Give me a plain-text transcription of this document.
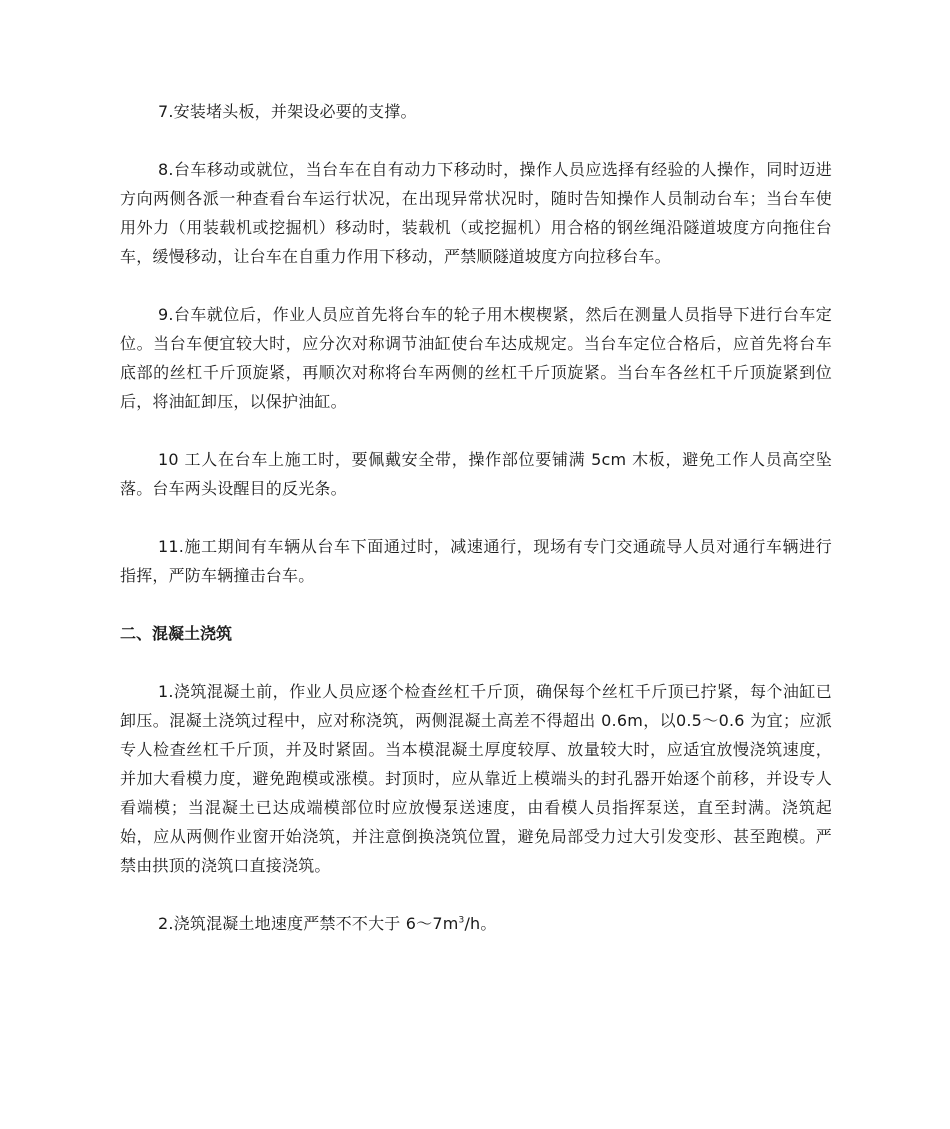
7.安装堵头板，并架设必要的支撑。

8.台车移动或就位，当台车在自有动力下移动时，操作人员应选择有经验的人操作，同时迈进方向两侧各派一种查看台车运行状况，在出现异常状况时，随时告知操作人员制动台车；当台车使用外力（用装载机或挖掘机）移动时，装载机（或挖掘机）用合格的钢丝绳沿隧道坡度方向拖住台车，缓慢移动，让台车在自重力作用下移动，严禁顺隧道坡度方向拉移台车。

9.台车就位后，作业人员应首先将台车的轮子用木楔楔紧，然后在测量人员指导下进行台车定位。当台车便宜较大时，应分次对称调节油缸使台车达成规定。当台车定位合格后，应首先将台车底部的丝杠千斤顶旋紧，再顺次对称将台车两侧的丝杠千斤顶旋紧。当台车各丝杠千斤顶旋紧到位后，将油缸卸压，以保护油缸。

10 工人在台车上施工时，要佩戴安全带，操作部位要铺满 5cm 木板，避免工作人员高空坠落。台车两头设醒目的反光条。

11.施工期间有车辆从台车下面通过时，减速通行，现场有专门交通疏导人员对通行车辆进行指挥，严防车辆撞击台车。

二、混凝土浇筑

1.浇筑混凝土前，作业人员应逐个检查丝杠千斤顶，确保每个丝杠千斤顶已拧紧，每个油缸已卸压。混凝土浇筑过程中，应对称浇筑，两侧混凝土高差不得超出 0.6m，以0.5～0.6 为宜；应派专人检查丝杠千斤顶，并及时紧固。当本模混凝土厚度较厚、放量较大时，应适宜放慢浇筑速度，并加大看模力度，避免跑模或涨模。封顶时，应从靠近上模端头的封孔器开始逐个前移，并设专人看端模；当混凝土已达成端模部位时应放慢泵送速度，由看模人员指挥泵送，直至封满。浇筑起始，应从两侧作业窗开始浇筑，并注意倒换浇筑位置，避免局部受力过大引发变形、甚至跑模。严禁由拱顶的浇筑口直接浇筑。

2.浇筑混凝土地速度严禁不不大于 $6\sim 7m^3/h$。
